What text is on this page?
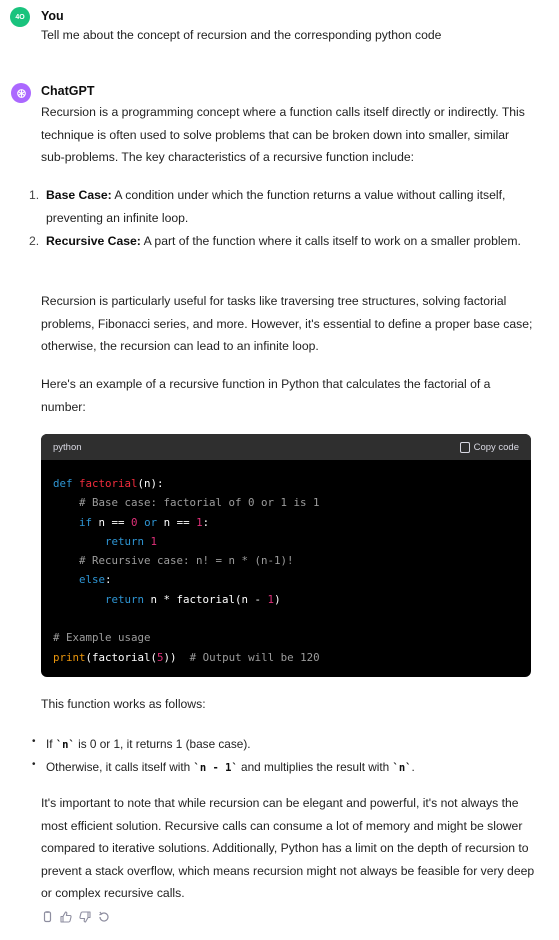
4O	You
Tell me about the concept of recursion and the corresponding python code
ChatGPT
Recursion is a programming concept where a function calls itself directly or indirectly. This technique is often used to solve problems that can be broken down into smaller, similar sub-problems. The key characteristics of a recursive function include:
1. Base Case: A condition under which the function returns a value without calling itself, preventing an infinite loop.
2. Recursive Case: A part of the function where it calls itself to work on a smaller problem.
Recursion is particularly useful for tasks like traversing tree structures, solving factorial problems, Fibonacci series, and more. However, it's essential to define a proper base case; otherwise, the recursion can lead to an infinite loop.
Here's an example of a recursive function in Python that calculates the factorial of a number:
python	Copy code
def factorial(n):
# Base case: factorial of 0 or 1 is 1
if n == 0 or n == 1:
return 1
# Recursive case: n! = n * (n-1)!
else:
return n * factorial(n - 1)

# Example usage
print(factorial(5))  # Output will be 120
This function works as follows:
• If `n` is 0 or 1, it returns 1 (base case).
• Otherwise, it calls itself with `n - 1` and multiplies the result with `n`.
It's important to note that while recursion can be elegant and powerful, it's not always the most efficient solution. Recursive calls can consume a lot of memory and might be slower compared to iterative solutions. Additionally, Python has a limit on the depth of recursion to prevent a stack overflow, which means recursion might not always be feasible for very deep or complex recursive calls.
